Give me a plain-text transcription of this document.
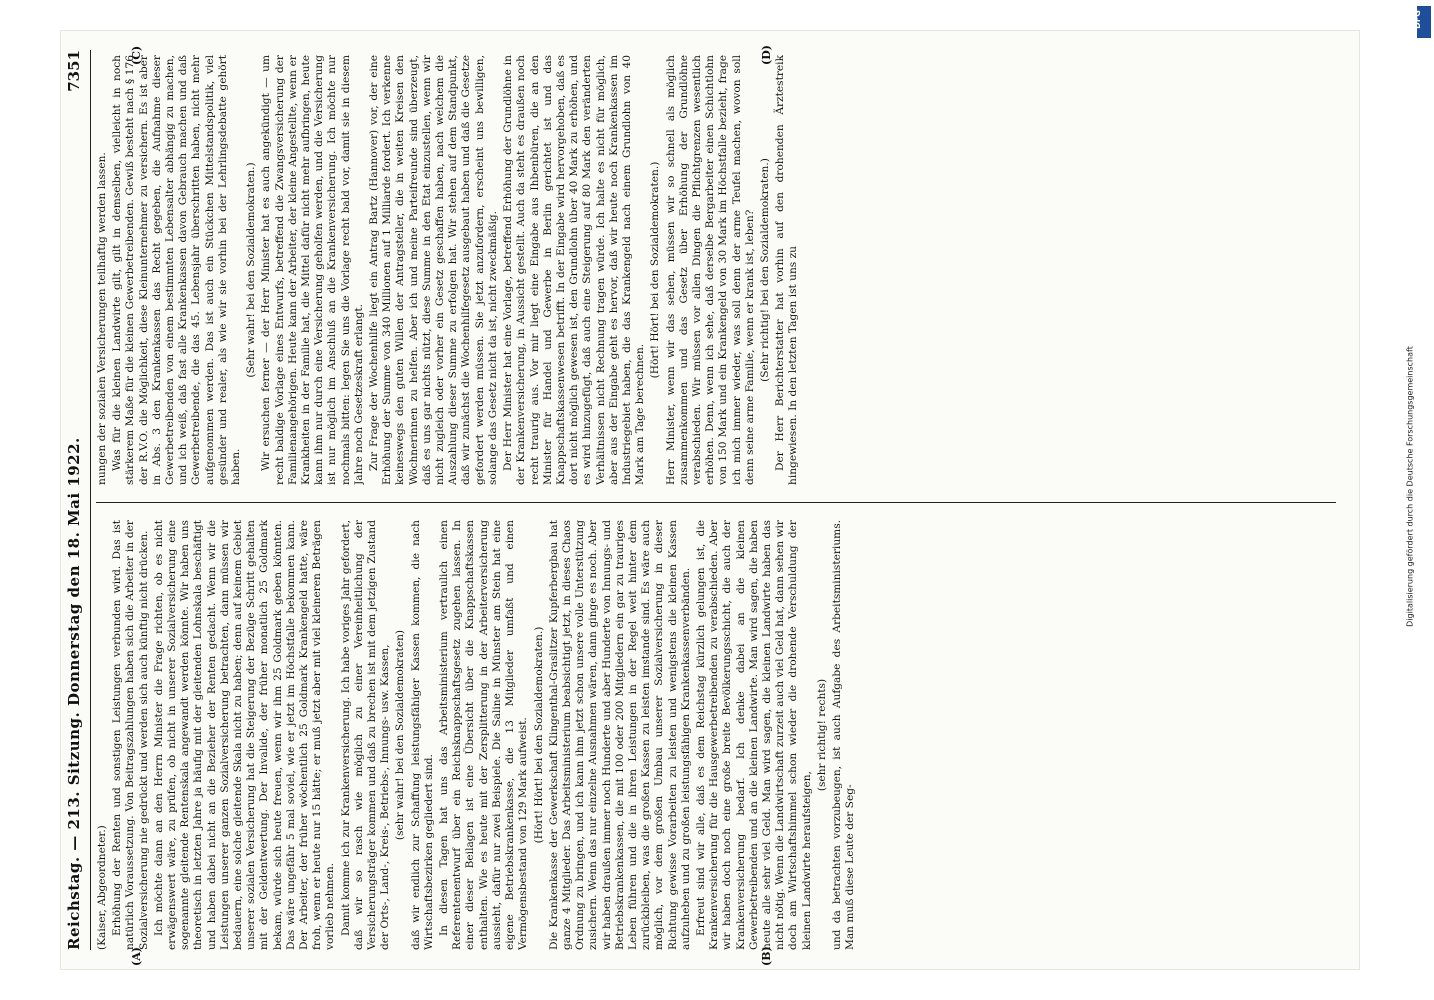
Reichstag. — 213. Sitzung. Donnerstag den 18. Mai 1922.
7351

(Kaiser, Abgeordneter.) Erhöhung der Renten und sonstigen Leistungen verbunden wird. Das ist natürlich Voraussetzung. Von Beitragszahlungen haben sich die Arbeiter in der Sozialversicherung nie gedrückt und werden sich auch künftig nicht drücken. Ich möchte dann an den Herrn Minister die Frage richten, ob es nicht erwägenswert wäre, zu prüfen, ob nicht in unserer Sozialversicherung eine sogenannte gleitende Rentenskala angewandt werden könnte. Wir haben uns theoretisch in letzten Jahre ja häufig mit der gleitenden Lohnskala beschäftigt und haben dabei nicht an die Bezieher der Renten gedacht. Wenn wir die Leistungen unserer ganzen Sozialversicherung betrachten, dann müssen wir bedauern, eine solche gleitende Skala nicht zu haben; denn auf keinem Gebiet unserer sozialen Versicherung hat die Steigerung der Bezüge Schritt gehalten mit der Geldentwertung. Der Invalide, der früher monatlich 25 Goldmark bekam, würde sich heute freuen, wenn wir ihm 25 Goldmark geben könnten. Das wäre ungefähr 5 mal soviel, wie er jetzt im Höchstfalle bekommen kann. Der Arbeiter, der früher wöchentlich 25 Goldmark Krankengeld hatte, wäre froh, wenn er heute nur 15 hätte; er muß jetzt aber mit viel kleineren Beträgen vorlieb nehmen. Damit komme ich zur Krankenversicherung. Ich habe voriges Jahr gefordert, daß wir so rasch wie möglich zu einer Vereinheitlichung der Versicherungsträger kommen und daß zu brechen ist mit dem jetzigen Zustand der Orts-, Land-, Kreis-, Betriebs-, Innungs- usw. Kassen, (sehr wahr! bei den Sozialdemokraten) daß wir endlich zur Schaffung leistungsfähiger Kassen kommen, die nach Wirtschaftsbezirken gegliedert sind. In diesen Tagen hat uns das Arbeitsministerium vertraulich einen Referentenentwurf über ein Reichsknappschaftsgesetz zugehen lassen. In einer dieser Beilagen ist eine Übersicht über die Knappschaftskassen enthalten. Wie es heute mit der Zersplitterung in der Arbeiterversicherung aussieht, dafür nur zwei Beispiele. Die Saline in Münster am Stein hat eine eigene Betriebskrankenkasse, die 13 Mitglieder umfaßt und einen Vermögensbestand von 129 Mark aufweist. (Hört! Hört! bei den Sozialdemokraten.) Die Krankenkasse der Gewerkschaft Klingenthal-Graslitzer Kupferbergbau hat ganze 4 Mitglieder. Das Arbeitsministerium beabsichtigt jetzt, in dieses Chaos Ordnung zu bringen, und ich kann ihm jetzt schon unsere volle Unterstützung zusichern. Wenn das nur einzelne Ausnahmen wären, dann ginge es noch. Aber wir haben draußen immer noch Hunderte und aber Hunderte von Innungs- und Betriebskrankenkassen, die mit 100 oder 200 Mitgliedern ein gar zu trauriges Leben führen und die in ihren Leistungen in der Regel weit hinter dem zurückbleiben, was die großen Kassen zu leisten imstande sind. Es wäre auch möglich, vor dem großen Umbau unserer Sozialversicherung in dieser Richtung gewisse Vorarbeiten zu leisten und wenigstens die kleinen Kassen aufzuheben und zu großen leistungsfähigen Krankenkassenverbänden. Erfreut sind wir alle, daß es dem Reichstag kürzlich gelungen ist, die Krankenversicherung für die Hausgewerbetreibenden zu verabschieden. Aber wir haben doch noch eine große breite Bevölkerungsschicht, die auch der Krankenversicherung bedarf. Ich denke dabei an die kleinen Gewerbetreibenden und an die kleinen Landwirte. Man wird sagen, die haben heute alle sehr viel Geld. Man wird sagen, die kleinen Landwirte haben das nicht nötig. Wenn die Landwirtschaft zurzeit auch viel Geld hat, dann sehen wir doch am Wirtschaftshimmel schon wieder die drohende Verschuldung der kleinen Landwirte heraufsteigen,

(sehr richtig! rechts) und da betrachten vorzubeugen, ist auch Aufgabe des Arbeitsministeriums. Man muß diese Leute der Seg-

nungen der sozialen Versicherungen teilhaftig werden lassen. Was für die kleinen Landwirte gilt, gilt in demselben, vielleicht in noch stärkerem Maße für die kleinen Gewerbetreibenden. Gewiß besteht nach § 176 der R.V.O. die Möglichkeit, diese Kleinunternehmer zu versichern. Es ist aber in Abs. 3 den Krankenkassen das Recht gegeben, die Aufnahme dieser Gewerbetreibenden von einem bestimmten Lebensalter abhängig zu machen, und ich weiß, daß fast alle Krankenkassen davon Gebrauch machen und daß Gewerbetreibende, die das 45. Lebensjahr überschritten haben, nicht mehr aufgenommen werden. Das ist auch ein Stückchen Mittelstandspolitik, viel gesünder und realer, als wie wir sie vorhin bei der Lehrlingsdebatte gehört haben.

(Sehr wahr! bei den Sozialdemokraten.) Wir ersuchen ferner — der Herr Minister hat es auch angekündigt — um recht baldige Vorlage eines Entwurfs, betreffend die Zwangsversicherung der Familienangehörigen. Heute kann der Arbeiter, der kleine Angestellte, wenn er Krankheiten in der Familie hat, die Mittel dafür nicht mehr aufbringen, heute kann ihm nur durch eine Versicherung geholfen werden, und die Versicherung ist nur möglich im Anschluß an die Krankenversicherung. Ich möchte nur nochmals bitten: legen Sie uns die Vorlage recht bald vor, damit sie in diesem Jahre noch Gesetzeskraft erlangt. Zur Frage der Wochenhilfe liegt ein Antrag Bartz (Hannover) vor, der eine Erhöhung der Summe von 340 Millionen auf 1 Milliarde fordert. Ich verkenne keineswegs den guten Willen der Antragsteller, die in weiten Kreisen den Wöchnerinnen zu helfen. Aber ich und meine Parteifreunde sind überzeugt, daß es uns gar nichts nützt, diese Summe in den Etat einzustellen, wenn wir nicht zugleich oder vorher ein Gesetz geschaffen haben, nach welchem die Auszahlung dieser Summe zu erfolgen hat. Wir stehen auf dem Standpunkt, daß wir zunächst die Wochenhilfegesetz ausgebaut haben und daß die Gesetze gefordert werden müssen. Sie jetzt anzufordern, erscheint uns bewilligen, solange das Gesetz nicht da ist, nicht zweckmäßig. Der Herr Minister hat eine Vorlage, betreffend Erhöhung der Grundlöhne in der Krankenversicherung, in Aussicht gestellt. Auch da steht es draußen noch recht traurig aus. Vor mir liegt eine Eingabe aus Ihbenbüren, die an den Minister für Handel und Gewerbe in Berlin gerichtet ist und das Knappschaftskassenwesen betrifft. In der Eingabe wird hervorgehoben, daß es dort nicht möglich gewesen ist, den Grundlohn über 40 Mark zu erhöhen, und es wird hinzugefügt, daß auch eine Steigerung auf 80 Mark den veränderten Verhältnissen nicht Rechnung tragen würde. Ich halte es nicht für möglich, aber aus der Eingabe geht es hervor, daß wir heute noch Krankenkassen im Industriegebiet haben, die das Krankengeld nach einem Grundlohn von 40 Mark am Tage berechnen.

(Hört! Hört! bei den Sozialdemokraten.) Herr Minister, wenn wir das sehen, müssen wir so schnell als möglich zusammenkommen und das Gesetz über Erhöhung der Grundlöhne verabschieden. Wir müssen vor allen Dingen die Pflichtgrenzen wesentlich erhöhen. Denn, wenn ich sehe, daß derselbe Bergarbeiter einen Schichtlohn von 150 Mark und ein Krankengeld von 30 Mark im Höchstfalle bezieht, frage ich mich immer wieder, was soll denn der arme Teufel machen, wovon soll denn seine arme Familie, wenn er krank ist, leben? (Sehr richtig! bei den Sozialdemokraten.) Der Herr Berichterstatter hat vorhin auf den drohenden Ärztestreik hingewiesen. In den letzten Tagen ist uns zu

(A)	(B)
(C)	(D)
Digitalisierung gefördert durch die Deutsche Forschungsgemeinschaft
DFG
